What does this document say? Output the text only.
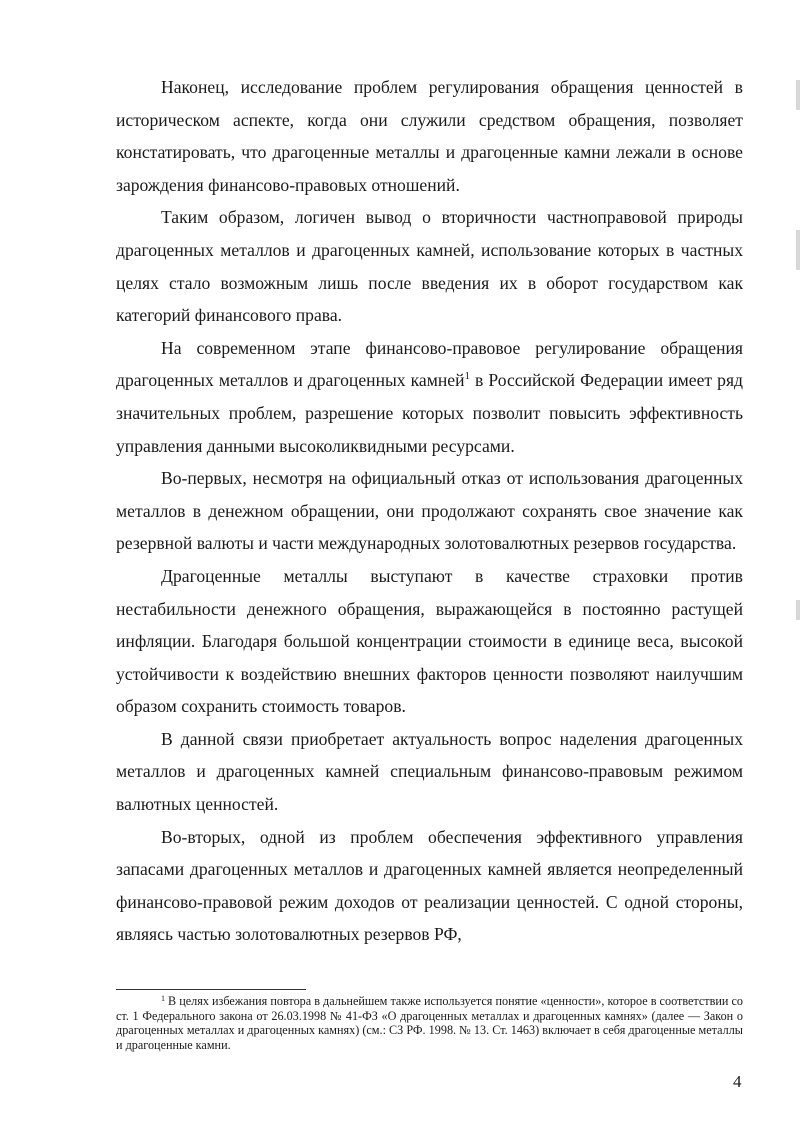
Наконец, исследование проблем регулирования обращения ценностей в историческом аспекте, когда они служили средством обращения, позволяет констатировать, что драгоценные металлы и драгоценные камни лежали в основе зарождения финансово-правовых отношений.

Таким образом, логичен вывод о вторичности частноправовой природы драгоценных металлов и драгоценных камней, использование которых в частных целях стало возможным лишь после введения их в оборот государством как категорий финансового права.

На современном этапе финансово-правовое регулирование обращения драгоценных металлов и драгоценных камней$^1$ в Российской Федерации имеет ряд значительных проблем, разрешение которых позволит повысить эффективность управления данными высоколиквидными ресурсами.

Во-первых, несмотря на официальный отказ от использования драгоценных металлов в денежном обращении, они продолжают сохранять свое значение как резервной валюты и части международных золотовалютных резервов государства.

Драгоценные металлы выступают в качестве страховки против нестабильности денежного обращения, выражающейся в постоянно растущей инфляции. Благодаря большой концентрации стоимости в единице веса, высокой устойчивости к воздействию внешних факторов ценности позволяют наилучшим образом сохранить стоимость товаров.

В данной связи приобретает актуальность вопрос наделения драгоценных металлов и драгоценных камней специальным финансово-правовым режимом валютных ценностей.

Во-вторых, одной из проблем обеспечения эффективного управления запасами драгоценных металлов и драгоценных камней является неопределенный финансово-правовой режим доходов от реализации ценностей. С одной стороны, являясь частью золотовалютных резервов РФ,

$^1$ В целях избежания повтора в дальнейшем также используется понятие «ценности», которое в соответствии со ст. 1 Федерального закона от 26.03.1998 № 41-ФЗ «О драгоценных металлах и драгоценных камнях» (далее — Закон о драгоценных металлах и драгоценных камнях) (см.: СЗ РФ. 1998. № 13. Ст. 1463) включает в себя драгоценные металлы и драгоценные камни.

4
